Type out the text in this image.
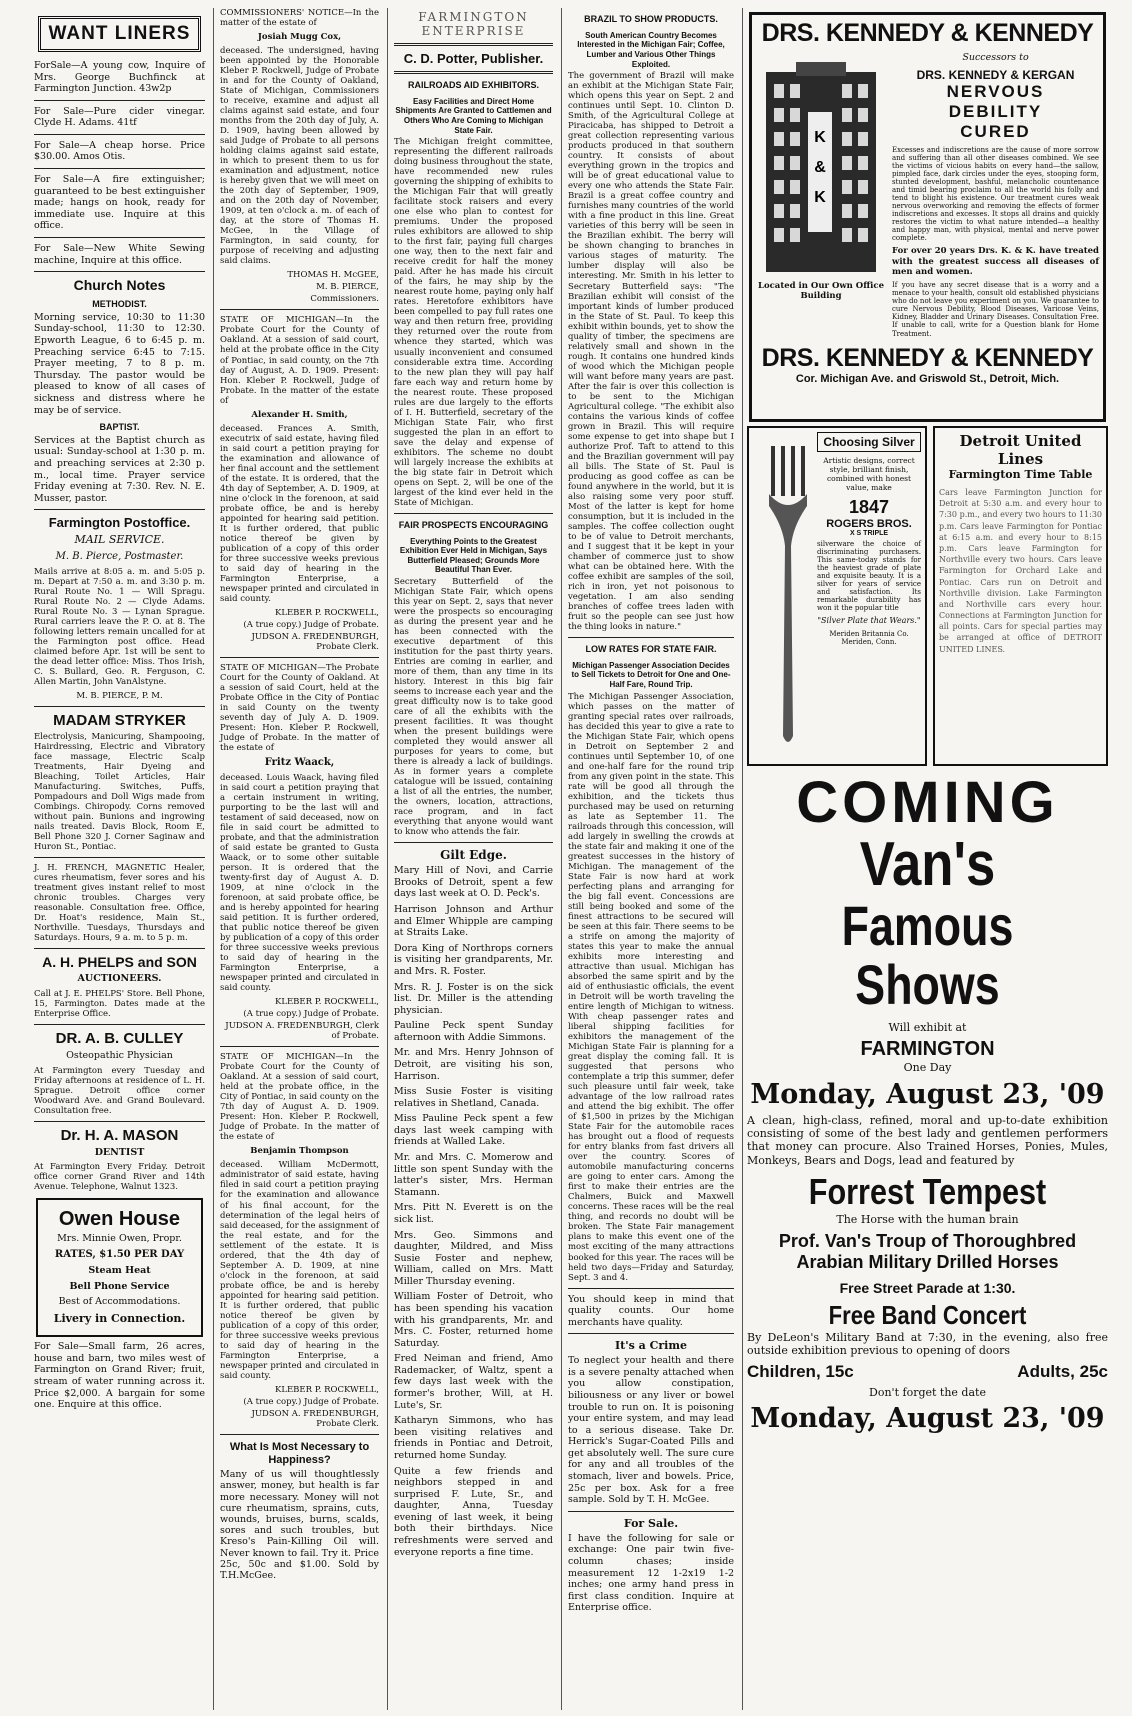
WANT LINERS

ForSale—A young cow, Inquire of Mrs. George Buchfinck at Farmington Junction. 43w2p

For Sale—Pure cider vinegar. Clyde H. Adams. 41tf

For Sale—A cheap horse. Price $30.00. Amos Otis.

For Sale—A fire extinguisher; guaranteed to be best extinguisher made; hangs on hook, ready for immediate use. Inquire at this office.

For Sale—New White Sewing machine, Inquire at this office.

Church Notes
METHODIST.

Morning service, 10:30 to 11:30 Sunday-school, 11:30 to 12:30. Epworth League, 6 to 6:45 p. m. Preaching service 6:45 to 7:15. Prayer meeting, 7 to 8 p. m. Thursday. The pastor would be pleased to know of all cases of sickness and distress where he may be of service.

BAPTIST.

Services at the Baptist church as usual: Sunday-school at 1:30 p. m. and preaching services at 2:30 p. m., local time. Prayer service Friday evening at 7:30. Rev. N. E. Musser, pastor.

Farmington Postoffice.

MAIL SERVICE.

M. B. Pierce, Postmaster.

Mails arrive at 8:05 a. m. and 5:05 p. m. Depart at 7:50 a. m. and 3:30 p. m. Rural Route No. 1 — Will Spragu. Rural Route No. 2 — Clyde Adams. Rural Route No. 3 — Lynan Sprague. Rural carriers leave the P. O. at 8. The following letters remain uncalled for at the Farmington post office. Head claimed before Apr. 1st will be sent to the dead letter office: Miss. Thos Irish, C. S. Bullard, Geo. R. Ferguson, C. Allen Martin, John VanAlstyne.

M. B. PIERCE, P. M.

MADAM STRYKER

Electrolysis, Manicuring, Shampooing, Hairdressing, Electric and Vibratory face massage, Electric Scalp Treatments, Hair Dyeing and Bleaching, Toilet Articles, Hair Manufacturing. Switches, Puffs, Pompadours and Doll Wigs made from Combings. Chiropody. Corns removed without pain. Bunions and ingrowing nails treated. Davis Block, Room E, Bell Phone 320 J. Corner Saginaw and Huron St., Pontiac.

J. H. FRENCH, MAGNETIC Healer, cures rheumatism, fever sores and his treatment gives instant relief to most chronic troubles. Charges very reasonable. Consultation free. Office, Dr. Hoat's residence, Main St., Northville. Tuesdays, Thursdays and Saturdays. Hours, 9 a. m. to 5 p. m.

A. H. PHELPS and SON

AUCTIONEERS.

Call at J. E. PHELPS' Store. Bell Phone, 15, Farmington. Dates made at the Enterprise Office.

DR. A. B. CULLEY

Osteopathic Physician

At Farmington every Tuesday and Friday afternoons at residence of L. H. Sprague. Detroit office corner Woodward Ave. and Grand Boulevard. Consultation free.

Dr. H. A. MASON

DENTIST

At Farmington Every Friday. Detroit office corner Grand River and 14th Avenue. Telephone, Walnut 1323.

Owen House

Mrs. Minnie Owen, Propr.

RATES, $1.50 PER DAY

Steam Heat

Bell Phone Service

Best of Accommodations.

Livery in Connection.

For Sale—Small farm, 26 acres, house and barn, two miles west of Farmington on Grand River; fruit, stream of water running across it. Price $2,000. A bargain for some one. Enquire at this office.

COMMISSIONERS' NOTICE—In the matter of the estate of

Josiah Mugg Cox,

deceased. The undersigned, having been appointed by the Honorable Kleber P. Rockwell, Judge of Probate in and for the County of Oakland, State of Michigan, Commissioners to receive, examine and adjust all claims against said estate, and four months from the 20th day of July, A. D. 1909, having been allowed by said Judge of Probate to all persons holding claims against said estate, in which to present them to us for examination and adjustment, notice is hereby given that we will meet on the 20th day of September, 1909, and on the 20th day of November, 1909, at ten o'clock a. m. of each of day, at the store of Thomas H. McGee, in the Village of Farmington, in said county, for purpose of receiving and adjusting said claims.

THOMAS H. McGEE,

M. B. PIERCE,

Commissioners.

STATE OF MICHIGAN—In the Probate Court for the County of Oakland. At a session of said court, held at the probate office in the City of Pontiac, in said county, on the 7th day of August, A. D. 1909. Present: Hon. Kleber P. Rockwell, Judge of Probate. In the matter of the estate of

Alexander H. Smith,

deceased. Frances A. Smith, executrix of said estate, having filed in said court a petition praying for the examination and allowance of her final account and the settlement of the estate. It is ordered, that the 4th day of September, A. D. 1909, at nine o'clock in the forenoon, at said probate office, be and is hereby appointed for hearing said petition. It is further ordered, that public notice thereof be given by publication of a copy of this order for three successive weeks previous to said day of hearing in the Farmington Enterprise, a newspaper printed and circulated in said county.

KLEBER P. ROCKWELL,

(A true copy.) Judge of Probate.

JUDSON A. FREDENBURGH, Probate Clerk.

STATE OF MICHIGAN—The Probate Court for the County of Oakland. At a session of said Court, held at the Probate Office in the City of Pontiac in said County on the twenty seventh day of July A. D. 1909. Present: Hon. Kleber P. Rockwell, Judge of Probate. In the matter of the estate of

Fritz Waack,

deceased. Louis Waack, having filed in said court a petition praying that a certain instrument in writing, purporting to be the last will and testament of said deceased, now on file in said court be admitted to probate, and that the administration of said estate be granted to Gusta Waack, or to some other suitable person. It is ordered that the twenty-first day of August A. D. 1909, at nine o'clock in the forenoon, at said probate office, be and is hereby appointed for hearing said petition. It is further ordered, that public notice thereof be given by publication of a copy of this order for three successive weeks previous to said day of hearing in the Farmington Enterprise, a newspaper printed and circulated in said county.

KLEBER P. ROCKWELL,

(A true copy.) Judge of Probate.

JUDSON A. FREDENBURGH, Clerk of Probate.

STATE OF MICHIGAN—In the Probate Court for the County of Oakland. At a session of said court, held at the probate office, in the City of Pontiac, in said county on the 7th day of August A. D. 1909. Present: Hon. Kleber P. Rockwell, Judge of Probate. In the matter of the estate of

Benjamin Thompson

deceased. William McDermott, administrator of said estate, having filed in said court a petition praying for the examination and allowance of his final account, for the determination of the legal heirs of said deceased, for the assignment of the real estate, and for the settlement of the estate. It is ordered, that the 4th day of September A. D. 1909, at nine o'clock in the forenoon, at said probate office, be and is hereby appointed for hearing said petition. It is further ordered, that public notice thereof be given by publication of a copy of this order, for three successive weeks previous to said day of hearing in the Farmington Enterprise, a newspaper printed and circulated in said county.

KLEBER P. ROCKWELL,

(A true copy.) Judge of Probate.

JUDSON A. FREDENBURGH, Probate Clerk.

What Is Most Necessary to Happiness?

Many of us will thoughtlessly answer, money, but health is far more necessary. Money will not cure rheumatism, sprains, cuts, wounds, bruises, burns, scalds, sores and such troubles, but Kreso's Pain-Killing Oil will. Never known to fail. Try it. Price 25c, 50c and $1.00. Sold by T.H.McGee.

FARMINGTON ENTERPRISE
C. D. Potter, Publisher.
RAILROADS AID EXHIBITORS.
Easy Facilities and Direct Home Shipments Are Granted to Cattlemen and Others Who Are Coming to Michigan State Fair.

The Michigan freight committee, representing the different railroads doing business throughout the state, have recommended new rules governing the shipping of exhibits to the Michigan Fair that will greatly facilitate stock raisers and every one else who plan to contest for premiums. Under the proposed rules exhibitors are allowed to ship to the first fair, paying full charges one way, then to the next fair and receive credit for half the money paid. After he has made his circuit of the fairs, he may ship by the nearest route home, paying only half rates. Heretofore exhibitors have been compelled to pay full rates one way and then return free, providing they returned over the route from whence they started, which was usually inconvenient and consumed considerable extra time. According to the new plan they will pay half fare each way and return home by the nearest route. These proposed rules are due largely to the efforts of I. H. Butterfield, secretary of the Michigan State Fair, who first suggested the plan in an effort to save the delay and expense of exhibitors. The scheme no doubt will largely increase the exhibits at the big state fair in Detroit which opens on Sept. 2, will be one of the largest of the kind ever held in the State of Michigan.

FAIR PROSPECTS ENCOURAGING
Everything Points to the Greatest Exhibition Ever Held in Michigan, Says Butterfield Pleased; Grounds More Beautiful Than Ever.

Secretary Butterfield of the Michigan State Fair, which opens this year on Sept. 2, says that never were the prospects so encouraging as during the present year and he has been connected with the executive department of this institution for the past thirty years. Entries are coming in earlier, and more of them, than any time in its history. Interest in this big fair seems to increase each year and the great difficulty now is to take good care of all the exhibits with the present facilities. It was thought when the present buildings were completed they would answer all purposes for years to come, but there is already a lack of buildings. As in former years a complete catalogue will be issued, containing a list of all the entries, the number, the owners, location, attractions, race program, and in fact everything that anyone would want to know who attends the fair.

Gilt Edge.

Mary Hill of Novi, and Carrie Brooks of Detroit, spent a few days last week at O. D. Peck's.

Harrison Johnson and Arthur and Elmer Whipple are camping at Straits Lake.

Dora King of Northrops corners is visiting her grandparents, Mr. and Mrs. R. Foster.

Mrs. R. J. Foster is on the sick list. Dr. Miller is the attending physician.

Pauline Peck spent Sunday afternoon with Addie Simmons.

Mr. and Mrs. Henry Johnson of Detroit, are visiting his son, Harrison.

Miss Susie Foster is visiting relatives in Shetland, Canada.

Miss Pauline Peck spent a few days last week camping with friends at Walled Lake.

Mr. and Mrs. C. Momerow and little son spent Sunday with the latter's sister, Mrs. Herman Stamann.

Mrs. Pitt N. Everett is on the sick list.

Mrs. Geo. Simmons and daughter, Mildred, and Miss Susie Foster and nephew, William, called on Mrs. Matt Miller Thursday evening.

William Foster of Detroit, who has been spending his vacation with his grandparents, Mr. and Mrs. C. Foster, returned home Saturday.

Fred Neiman and friend, Amo Rademacker, of Waltz, spent a few days last week with the former's brother, Will, at H. Lute's, Sr.

Katharyn Simmons, who has been visiting relatives and friends in Pontiac and Detroit, returned home Sunday.

Quite a few friends and neighbors stepped in and surprised F. Lute, Sr., and daughter, Anna, Tuesday evening of last week, it being both their birthdays. Nice refreshments were served and everyone reports a fine time.

BRAZIL TO SHOW PRODUCTS.
South American Country Becomes Interested in the Michigan Fair; Coffee, Lumber and Various Other Things Exploited.

The government of Brazil will make an exhibit at the Michigan State Fair, which opens this year on Sept. 2 and continues until Sept. 10. Clinton D. Smith, of the Agricultural College at Piracicaba, has shipped to Detroit a great collection representing various products produced in that southern country. It consists of about everything grown in the tropics and will be of great educational value to every one who attends the State Fair. Brazil is a great coffee country and furnishes many countries of the world with a fine product in this line. Great varieties of this berry will be seen in the Brazilian exhibit. The berry will be shown changing to branches in various stages of maturity. The lumber display will also be interesting. Mr. Smith in his letter to Secretary Butterfield says: "The Brazilian exhibit will consist of the important kinds of lumber produced in the State of St. Paul. To keep this exhibit within bounds, yet to show the quality of timber, the specimens are relatively small and shown in the rough. It contains one hundred kinds of wood which the Michigan people will want before many years are past. After the fair is over this collection is to be sent to the Michigan Agricultural college. "The exhibit also contains the various kinds of coffee grown in Brazil. This will require some expense to get into shape but I authorize Prof. Taft to attend to this and the Brazilian government will pay all bills. The State of St. Paul is producing as good coffee as can be found anywhere in the world, but it is also raising some very poor stuff. Most of the latter is kept for home consumption, but it is included in the samples. The coffee collection ought to be of value to Detroit merchants, and I suggest that it be kept in your chamber of commerce just to show what can be obtained here. With the coffee exhibit are samples of the soil, rich in iron, yet not poisonous to vegetation. I am also sending branches of coffee trees laden with fruit so the people can see just how the thing looks in nature."

LOW RATES FOR STATE FAIR.
Michigan Passenger Association Decides to Sell Tickets to Detroit for One and One-Half Fare, Round Trip.

The Michigan Passenger Association, which passes on the matter of granting special rates over railroads, has decided this year to give a rate to the Michigan State Fair, which opens in Detroit on September 2 and continues until September 10, of one and one-half fare for the round trip from any given point in the state. This rate will be good all through the exhibition, and the tickets thus purchased may be used on returning as late as September 11. The railroads through this concession, will add largely in swelling the crowds at the state fair and making it one of the greatest successes in the history of Michigan. The management of the State Fair is now hard at work perfecting plans and arranging for the big fall event. Concessions are still being booked and some of the finest attractions to be secured will be seen at this fair. There seems to be a strife on among the majority of states this year to make the annual exhibits more interesting and attractive than usual. Michigan has absorbed the same spirit and by the aid of enthusiastic officials, the event in Detroit will be worth traveling the entire length of Michigan to witness. With cheap passenger rates and liberal shipping facilities for exhibitors the management of the Michigan State Fair is planning for a great display the coming fall. It is suggested that persons who contemplate a trip this summer, defer such pleasure until fair week, take advantage of the low railroad rates and attend the big exhibit. The offer of $1,500 in prizes by the Michigan State Fair for the automobile races has brought out a flood of requests for entry blanks from fast drivers all over the country. Scores of automobile manufacturing concerns are going to enter cars. Among the first to make their entries are the Chalmers, Buick and Maxwell concerns. These races will be the real thing, and records no doubt will be broken. The State Fair management plans to make this event one of the most exciting of the many attractions booked for this year. The races will be held two days—Friday and Saturday, Sept. 3 and 4.

You should keep in mind that quality counts. Our home merchants have quality.

It's a Crime

To neglect your health and there is a severe penalty attached when you allow constipation, biliousness or any liver or bowel trouble to run on. It is poisoning your entire system, and may lead to a serious disease. Take Dr. Herrick's Sugar-Coated Pills and get absolutely well. The sure cure for any and all troubles of the stomach, liver and bowels. Price, 25c per box. Ask for a free sample. Sold by T. H. McGee.

For Sale.

I have the following for sale or exchange: One pair twin five-column chases; inside measurement 12 1-2x19 1-2 inches; one army hand press in first class condition. Inquire at Enterprise office.

DRS. KENNEDY & KENNEDY
K
&
K

Located in Our Own Office Building

Successors to

DRS. KENNEDY & KERGAN
NERVOUS
DEBILITY
CURED

Excesses and indiscretions are the cause of more sorrow and suffering than all other diseases combined. We see the victims of vicious habits on every hand—the sallow, pimpled face, dark circles under the eyes, stooping form, stunted development, bashful, melancholic countenance and timid bearing proclaim to all the world his folly and tend to blight his existence. Our treatment cures weak nervous overworking and removing the effects of former indiscretions and excesses. It stops all drains and quickly restores the victim to what nature intended—a healthy and happy man, with physical, mental and nerve power complete.

For over 20 years Drs. K. & K. have treated with the greatest success all diseases of men and women.

If you have any secret disease that is a worry and a menace to your health, consult old established physicians who do not leave you experiment on you. We guarantee to cure Nervous Debility, Blood Diseases, Varicose Veins, Kidney, Bladder and Urinary Diseases. Consultation Free. If unable to call, write for a Question blank for Home Treatment.

DRS. KENNEDY & KENNEDY
Cor. Michigan Ave. and Griswold St., Detroit, Mich.
Choosing Silver

Artistic designs, correct style, brilliant finish, combined with honest value, make

1847
ROGERS BROS.
X S TRIPLE

silverware the choice of discriminating purchasers. This same-today stands for the heaviest grade of plate and exquisite beauty. It is a silver for years of service and satisfaction. Its remarkable durability has won it the popular title

"Silver Plate that Wears."

Meriden Britannia Co. Meriden, Conn.

Detroit United Lines
Farmington Time Table

Cars leave Farmington Junction for Detroit at 5:30 a.m. and every hour to 7:30 p.m., and every two hours to 11:30 p.m. Cars leave Farmington for Pontiac at 6:15 a.m. and every hour to 8:15 p.m. Cars leave Farmington for Northville every two hours. Cars leave Farmington for Orchard Lake and Pontiac. Cars run on Detroit and Northville division. Lake Farmington and Northville cars every hour. Connections at Farmington Junction for all points. Cars for special parties may be arranged at office of DETROIT UNITED LINES.

COMING
Van's
Famous Shows

Will exhibit at

FARMINGTON

One Day

Monday, August 23, '09

A clean, high-class, refined, moral and up-to-date exhibition consisting of some of the best lady and gentlemen performers that money can procure. Also Trained Horses, Ponies, Mules, Monkeys, Bears and Dogs, lead and featured by

Forrest Tempest

The Horse with the human brain

Prof. Van's Troup of Thoroughbred Arabian Military Drilled Horses
Free Street Parade at 1:30.
Free Band Concert

By DeLeon's Military Band at 7:30, in the evening, also free outside exhibition previous to opening of doors

Children, 15c	Adults, 25c

Don't forget the date

Monday, August 23, '09
